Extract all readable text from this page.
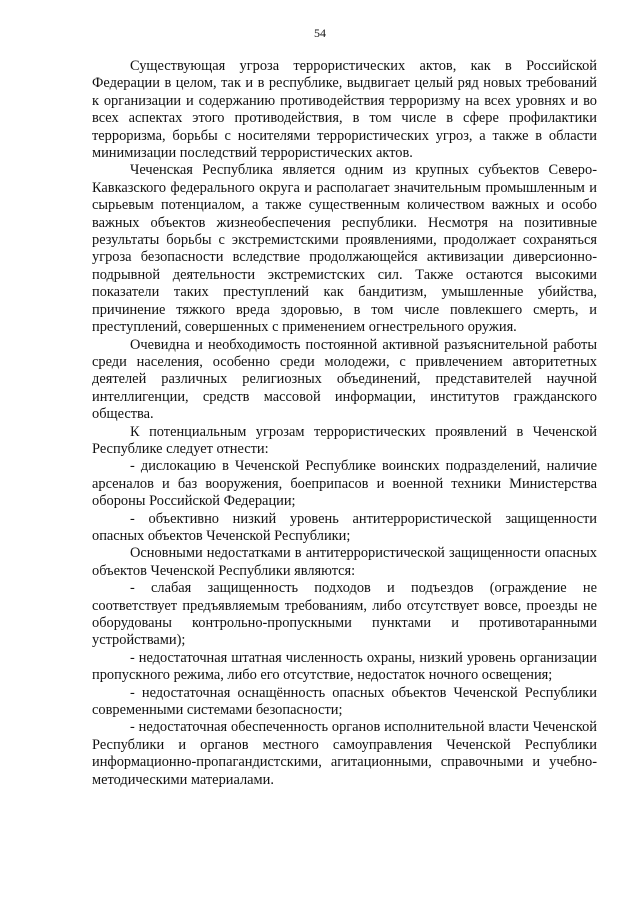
54

Существующая угроза террористических актов, как в Российской Федерации в целом, так и в республике, выдвигает целый ряд новых требований к организации и содержанию противодействия терроризму на всех уровнях и во всех аспектах этого противодействия, в том числе в сфере профилактики терроризма, борьбы с носителями террористических угроз, а также в области минимизации последствий террористических актов.

Чеченская Республика является одним из крупных субъектов Северо-Кавказского федерального округа и располагает значительным промышленным и сырьевым потенциалом, а также существенным количеством важных и особо важных объектов жизнеобеспечения республики. Несмотря на позитивные результаты борьбы с экстремистскими проявлениями, продолжает сохраняться угроза безопасности вследствие продолжающейся активизации диверсионно-подрывной деятельности экстремистских сил. Также остаются высокими показатели таких преступлений как бандитизм, умышленные убийства, причинение тяжкого вреда здоровью, в том числе повлекшего смерть, и преступлений, совершенных с применением огнестрельного оружия.

Очевидна и необходимость постоянной активной разъяснительной работы среди населения, особенно среди молодежи, с привлечением авторитетных деятелей различных религиозных объединений, представителей научной интеллигенции, средств массовой информации, институтов гражданского общества.

К потенциальным угрозам террористических проявлений в Чеченской Республике следует отнести:

- дислокацию в Чеченской Республике воинских подразделений, наличие арсеналов и баз вооружения, боеприпасов и военной техники Министерства обороны Российской Федерации;

- объективно низкий уровень антитеррористической защищенности опасных объектов Чеченской Республики;

Основными недостатками в антитеррористической защищенности опасных объектов Чеченской Республики являются:

- слабая защищенность подходов и подъездов (ограждение не соответствует предъявляемым требованиям, либо отсутствует вовсе, проезды не оборудованы контрольно-пропускными пунктами и противотаранными устройствами);

- недостаточная штатная численность охраны, низкий уровень организации пропускного режима, либо его отсутствие, недостаток ночного освещения;

- недостаточная оснащённость опасных объектов Чеченской Республики современными системами безопасности;

- недостаточная обеспеченность органов исполнительной власти Чеченской Республики и органов местного самоуправления Чеченской Республики информационно-пропагандистскими, агитационными, справочными и учебно-методическими материалами.
